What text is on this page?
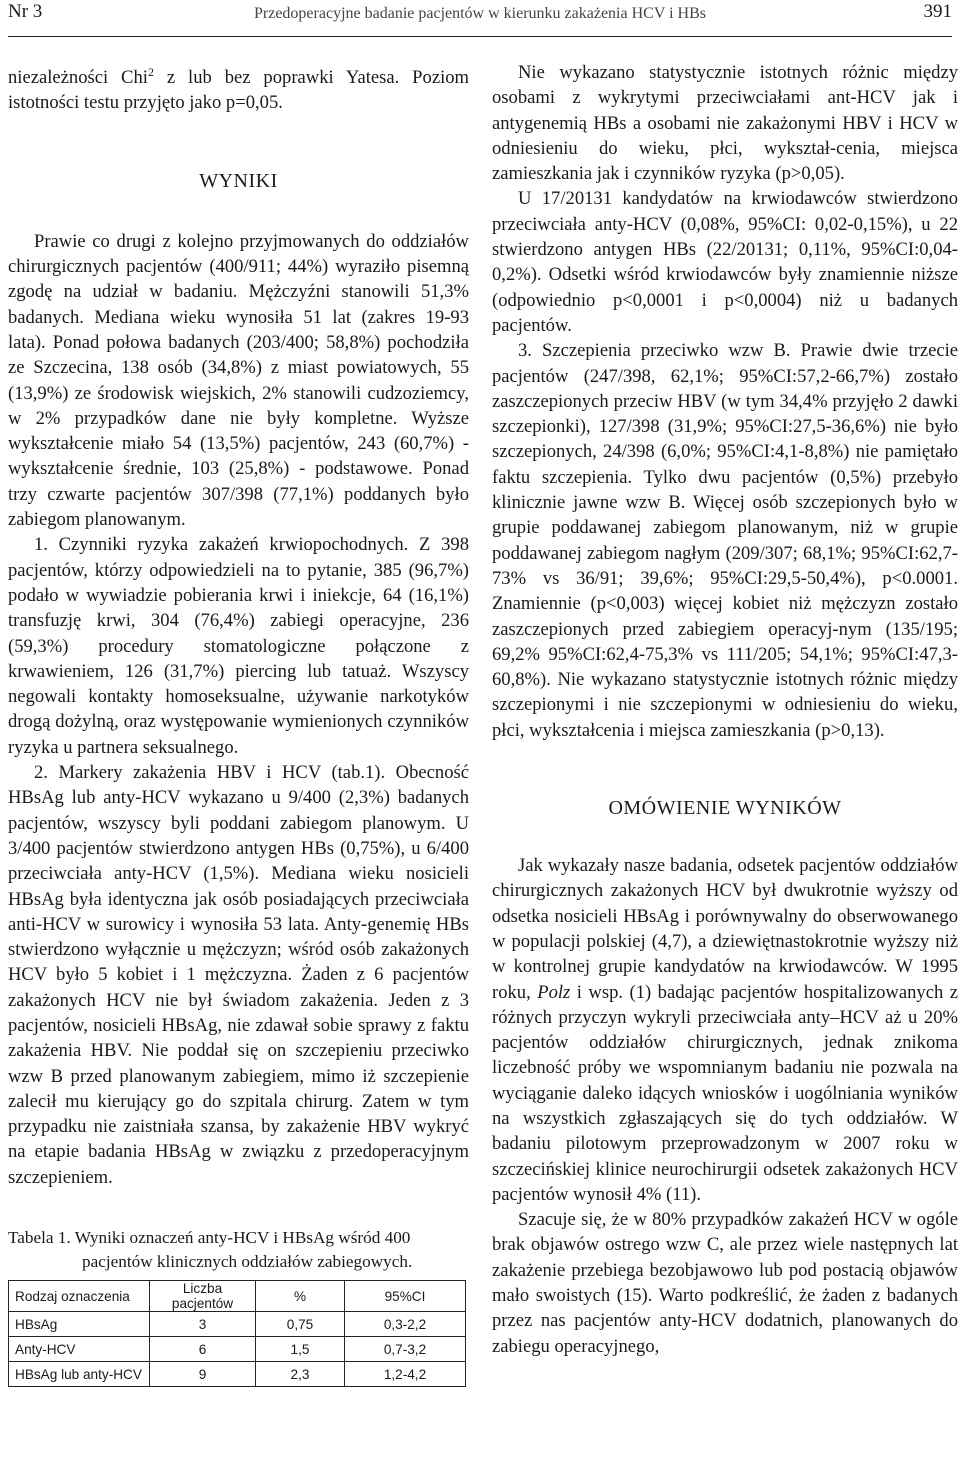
Nr 3	Przedoperacyjne badanie pacjentów w kierunku zakażenia HCV i HBs	391

niezależności Chi$^2$ z lub bez poprawki Yatesa. Poziom istotności testu przyjęto jako p=0,05.

WYNIKI

Prawie co drugi z kolejno przyjmowanych do oddziałów chirurgicznych pacjentów (400/911; 44%) wyraziło pisemną zgodę na udział w badaniu. Mężczyźni stanowili 51,3% badanych. Mediana wieku wynosiła 51 lat (zakres 19-93 lata). Ponad połowa badanych (203/400; 58,8%) pochodziła ze Szczecina, 138 osób (34,8%) z miast powiatowych, 55 (13,9%) ze środowisk wiejskich, 2% stanowili cudzoziemcy, w 2% przypadków dane nie były kompletne. Wyższe wykształcenie miało 54 (13,5%) pacjentów, 243 (60,7%) - wykształcenie średnie, 103 (25,8%) - podstawowe. Ponad trzy czwarte pacjentów 307/398 (77,1%) poddanych było zabiegom planowanym.

1. Czynniki ryzyka zakażeń krwiopochodnych. Z 398 pacjentów, którzy odpowiedzieli na to pytanie, 385 (96,7%) podało w wywiadzie pobierania krwi i iniekcje, 64 (16,1%) transfuzję krwi, 304 (76,4%) zabiegi operacyjne, 236 (59,3%) procedury stomatologiczne połączone z krwawieniem, 126 (31,7%) piercing lub tatuaż. Wszyscy negowali kontakty homoseksualne, używanie narkotyków drogą dożylną, oraz występowanie wymienionych czynników ryzyka u partnera seksualnego.

2. Markery zakażenia HBV i HCV (tab.1). Obecność HBsAg lub anty-HCV wykazano u 9/400 (2,3%) badanych pacjentów, wszyscy byli poddani zabiegom planowym. U 3/400 pacjentów stwierdzono antygen HBs (0,75%), u 6/400 przeciwciała anty-HCV (1,5%). Mediana wieku nosicieli HBsAg była identyczna jak osób posiadających przeciwciała anti-HCV w surowicy i wynosiła 53 lata. Anty-genemię HBs stwierdzono wyłącznie u mężczyzn; wśród osób zakażonych HCV było 5 kobiet i 1 mężczyzna. Żaden z 6 pacjentów zakażonych HCV nie był świadom zakażenia. Jeden z 3 pacjentów, nosicieli HBsAg, nie zdawał sobie sprawy z faktu zakażenia HBV. Nie poddał się on szczepieniu przeciwko wzw B przed planowanym zabiegiem, mimo iż szczepienie zalecił mu kierujący go do szpitala chirurg. Zatem w tym przypadku nie zaistniała szansa, by zakażenie HBV wykryć na etapie badania HBsAg w związku z przedoperacyjnym szczepieniem.

Tabela 1. Wyniki oznaczeń anty-HCV i HBsAg wśród 400
pacjentów klinicznych oddziałów zabiegowych.
Rodzaj oznaczenia	Liczba pacjentów	%	95%CI
HBsAg	3	0,75	0,3-2,2
Anty-HCV	6	1,5	0,7-3,2
HBsAg lub anty-HCV	9	2,3	1,2-4,2

Nie wykazano statystycznie istotnych różnic między osobami z wykrytymi przeciwciałami ant-HCV jak i antygenemią HBs a osobami nie zakażonymi HBV i HCV w odniesieniu do wieku, płci, wykształ-cenia, miejsca zamieszkania jak i czynników ryzyka (p>0,05).

U 17/20131 kandydatów na krwiodawców stwierdzono przeciwciała anty-HCV (0,08%, 95%CI: 0,02-0,15%), u 22 stwierdzono antygen HBs (22/20131; 0,11%, 95%CI:0,04-0,2%). Odsetki wśród krwiodawców były znamiennie niższe (odpowiednio p<0,0001 i p<0,0004) niż u badanych pacjentów.

3. Szczepienia przeciwko wzw B. Prawie dwie trzecie pacjentów (247/398, 62,1%; 95%CI:57,2-66,7%) zostało zaszczepionych przeciw HBV (w tym 34,4% przyjęło 2 dawki szczepionki), 127/398 (31,9%; 95%CI:27,5-36,6%) nie było szczepionych, 24/398 (6,0%; 95%CI:4,1-8,8%) nie pamiętało faktu szczepienia. Tylko dwu pacjentów (0,5%) przebyło klinicznie jawne wzw B. Więcej osób szczepionych było w grupie poddawanej zabiegom planowanym, niż w grupie poddawanej zabiegom nagłym (209/307; 68,1%; 95%CI:62,7-73% vs 36/91; 39,6%; 95%CI:29,5-50,4%), p<0.0001. Znamiennie (p<0,003) więcej kobiet niż mężczyzn zostało zaszczepionych przed zabiegiem operacyj-nym (135/195; 69,2% 95%CI:62,4-75,3% vs 111/205; 54,1%; 95%CI:47,3-60,8%). Nie wykazano statystycznie istotnych różnic między szczepionymi i nie szczepionymi w odniesieniu do wieku, płci, wykształcenia i miejsca zamieszkania (p>0,13).

OMÓWIENIE WYNIKÓW

Jak wykazały nasze badania, odsetek pacjentów oddziałów chirurgicznych zakażonych HCV był dwukrotnie wyższy od odsetka nosicieli HBsAg i porównywalny do obserwowanego w populacji polskiej (4,7), a dziewiętnastokrotnie wyższy niż w kontrolnej grupie kandydatów na krwiodawców. W 1995 roku, Polz i wsp. (1) badając pacjentów hospitalizowanych z różnych przyczyn wykryli przeciwciała anty–HCV aż u 20% pacjentów oddziałów chirurgicznych, jednak znikoma liczebność próby we wspomnianym badaniu nie pozwala na wyciąganie daleko idących wniosków i uogólniania wyników na wszystkich zgłaszających się do tych oddziałów. W badaniu pilotowym przeprowadzonym w 2007 roku w szczecińskiej klinice neurochirurgii odsetek zakażonych HCV pacjentów wynosił 4% (11).

Szacuje się, że w 80% przypadków zakażeń HCV w ogóle brak objawów ostrego wzw C, ale przez wiele następnych lat zakażenie przebiega bezobjawowo lub pod postacią objawów mało swoistych (15). Warto podkreślić, że żaden z badanych przez nas pacjentów anty-HCV dodatnich, planowanych do zabiegu operacyjnego,
